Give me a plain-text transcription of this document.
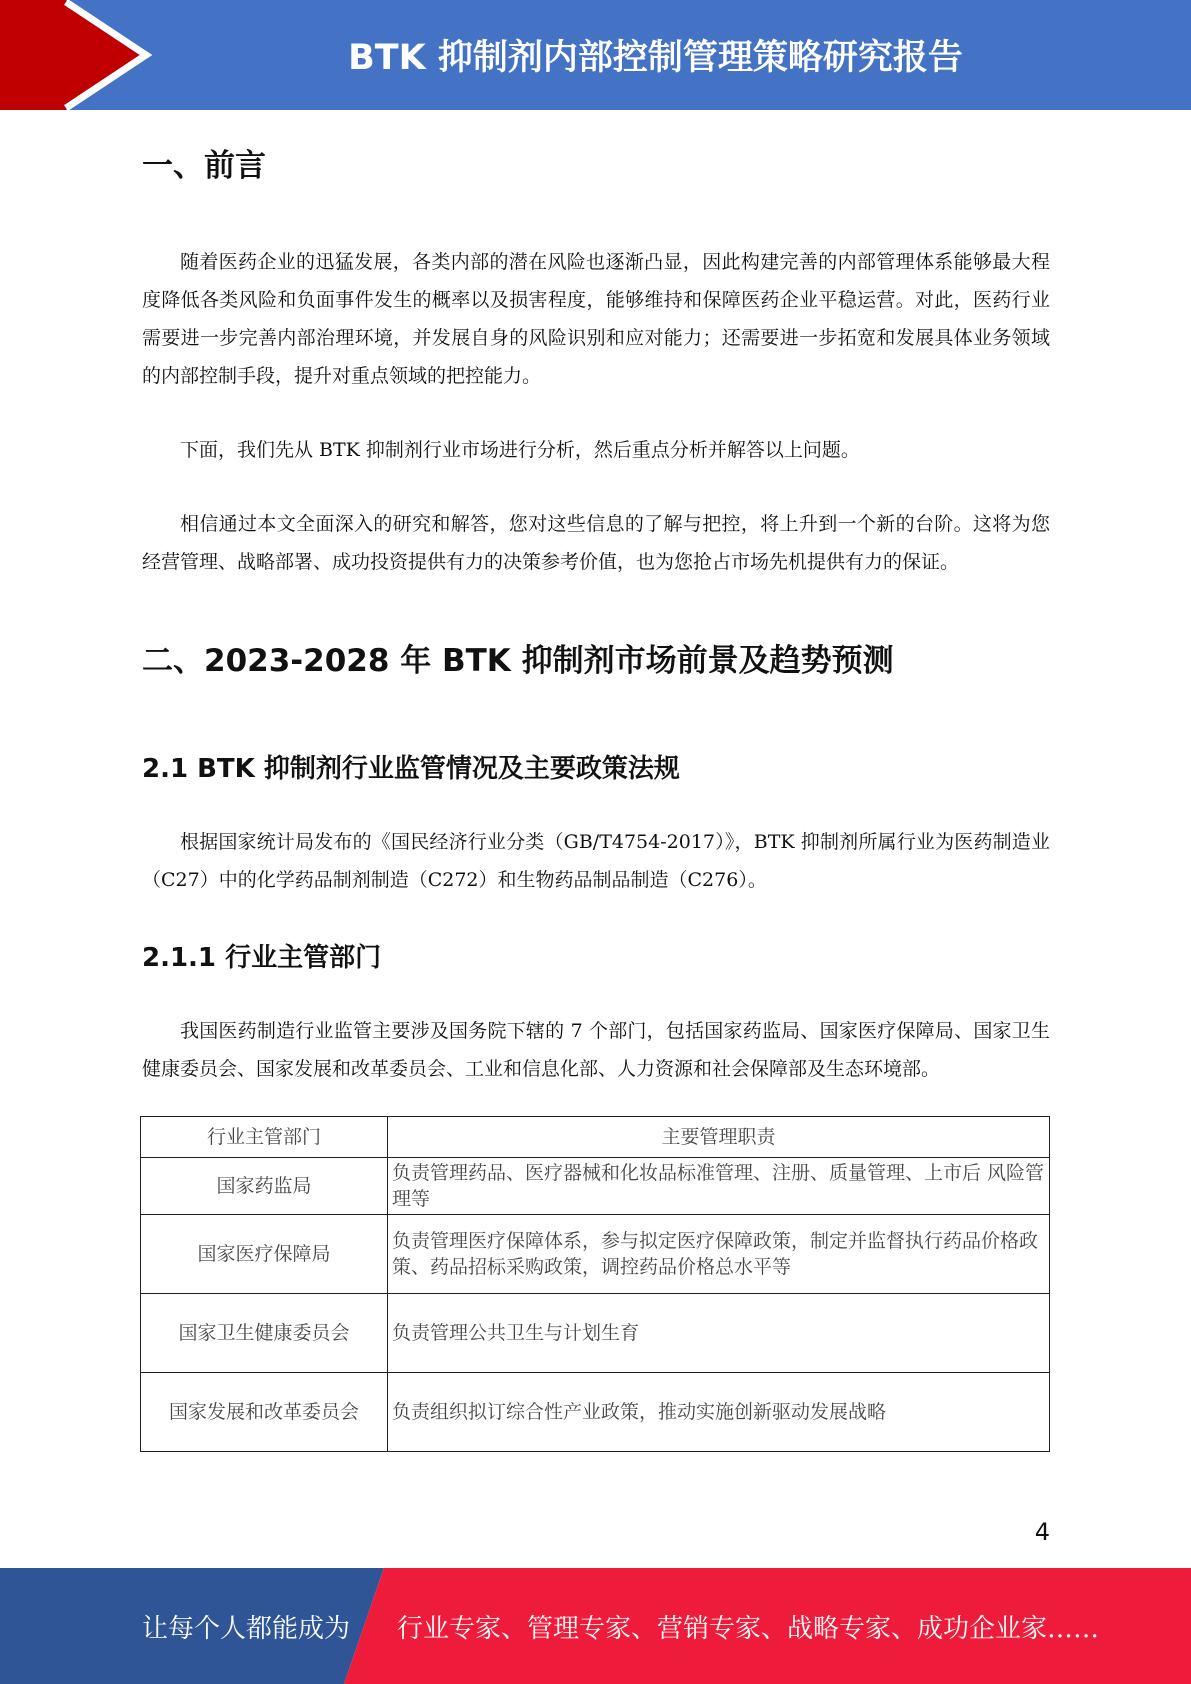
BTK 抑制剂内部控制管理策略研究报告
一、前言

随着医药企业的迅猛发展，各类内部的潜在风险也逐渐凸显，因此构建完善的内部管理体系能够最大程度降低各类风险和负面事件发生的概率以及损害程度，能够维持和保障医药企业平稳运营。对此，医药行业需要进一步完善内部治理环境，并发展自身的风险识别和应对能力；还需要进一步拓宽和发展具体业务领域的内部控制手段，提升对重点领域的把控能力。

下面，我们先从 BTK 抑制剂行业市场进行分析，然后重点分析并解答以上问题。

相信通过本文全面深入的研究和解答，您对这些信息的了解与把控，将上升到一个新的台阶。这将为您经营管理、战略部署、成功投资提供有力的决策参考价值，也为您抢占市场先机提供有力的保证。

二、2023-2028 年 BTK 抑制剂市场前景及趋势预测
2.1 BTK 抑制剂行业监管情况及主要政策法规

根据国家统计局发布的《国民经济行业分类（GB/T4754-2017）》，BTK 抑制剂所属行业为医药制造业（C27）中的化学药品制剂制造（C272）和生物药品制品制造（C276）。

2.1.1 行业主管部门

我国医药制造行业监管主要涉及国务院下辖的 7 个部门，包括国家药监局、国家医疗保障局、国家卫生健康委员会、国家发展和改革委员会、工业和信息化部、人力资源和社会保障部及生态环境部。

行业主管部门	主要管理职责
国家药监局	负责管理药品、医疗器械和化妆品标准管理、注册、质量管理、上市后 风险管理等
国家医疗保障局	负责管理医疗保障体系，参与拟定医疗保障政策，制定并监督执行药品价格政策、药品招标采购政策，调控药品价格总水平等
国家卫生健康委员会	负责管理公共卫生与计划生育
国家发展和改革委员会	负责组织拟订综合性产业政策，推动实施创新驱动发展战略
4
让每个人都能成为 行业专家、管理专家、营销专家、战略专家、成功企业家……
